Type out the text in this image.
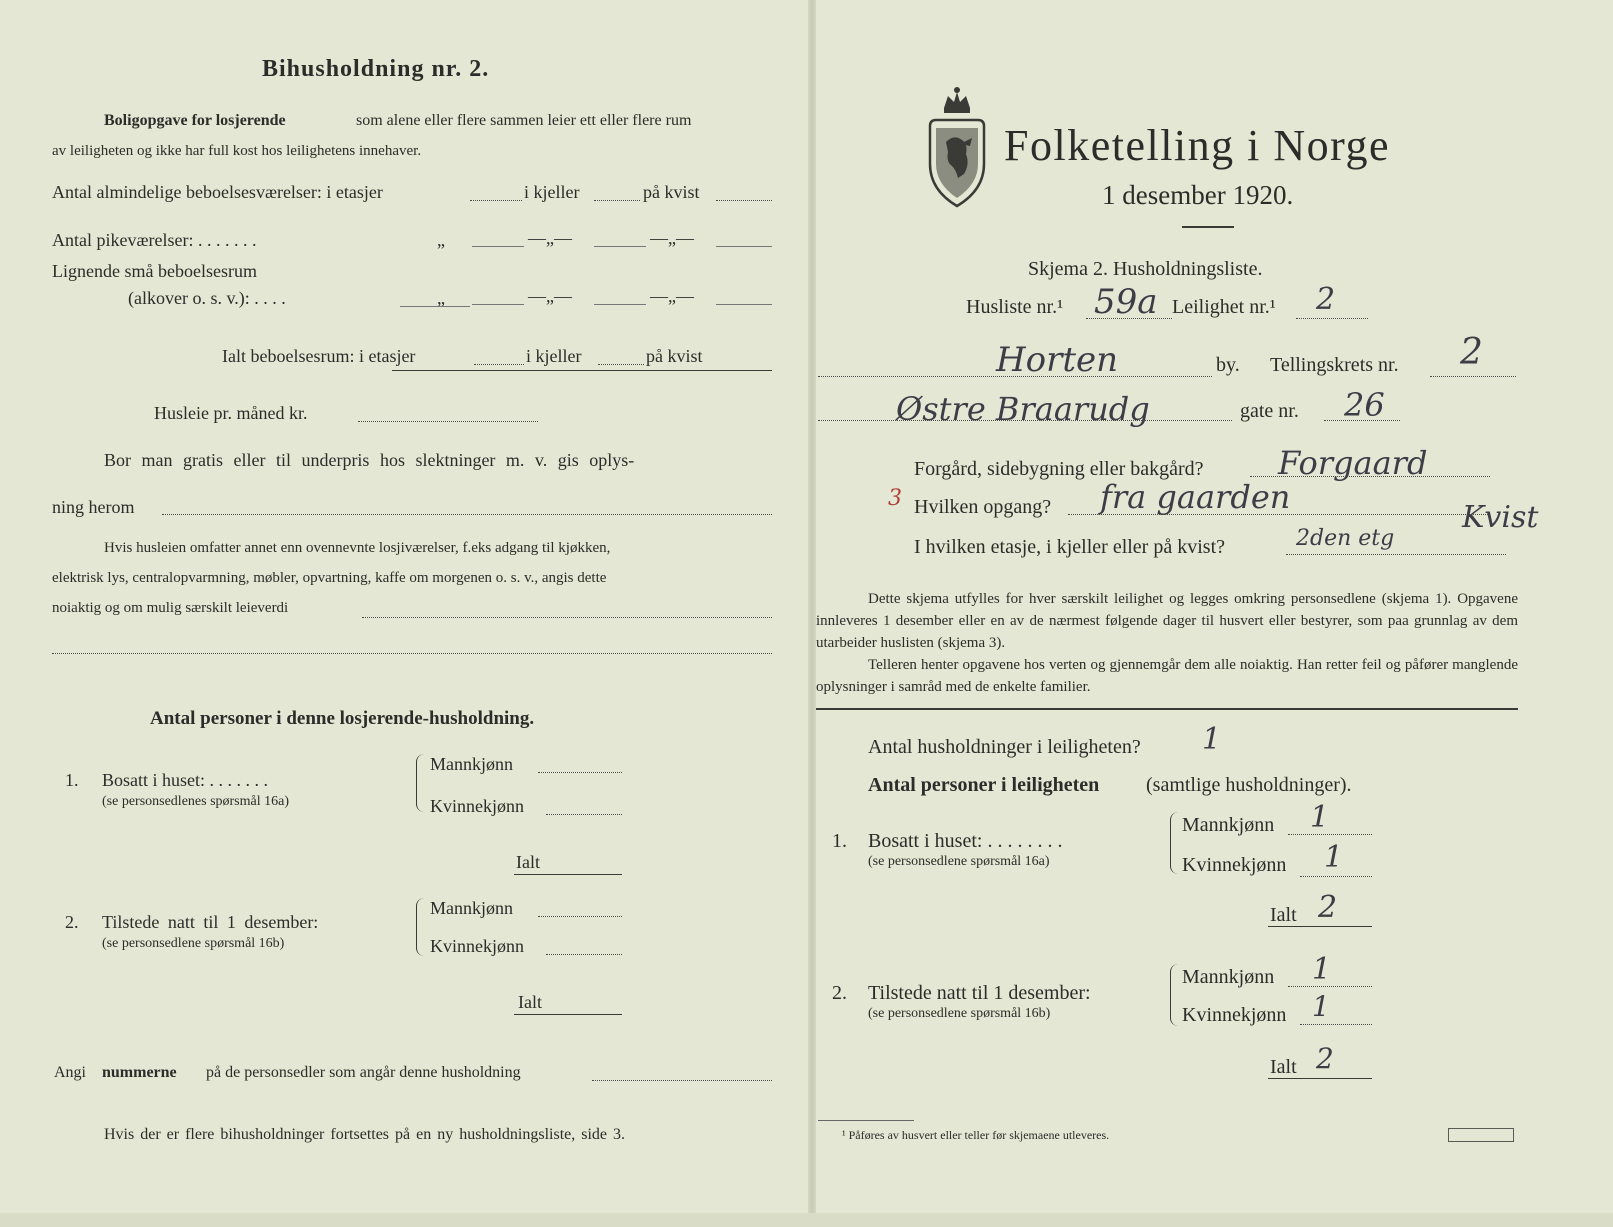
Bihusholdning nr. 2.
Boligopgave for losjerende	som alene eller flere sammen leier ett eller flere rum
av leiligheten og ikke har full kost hos leilighetens innehaver.
Antal almindelige beboelsesværelser: i etasjer	i kjeller	på kvist
Antal pikeværelser: . . . . . . .	„	—„—	—„—
Lignende små beboelsesrum
(alkover o. s. v.): . . . .	„	—„—	—„—
Ialt beboelsesrum: i etasjer	i kjeller	på kvist
Husleie pr. måned kr.
Bor man gratis eller til underpris hos slektninger m. v. gis oplys-
ning herom
Hvis husleien omfatter annet enn ovennevnte losjiværelser, f.eks adgang til kjøkken,
elektrisk lys, centralopvarmning, møbler, opvartning, kaffe om morgenen o. s. v., angis dette
noiaktig og om mulig særskilt leieverdi
Antal personer i denne losjerende-husholdning.
1. Bosatt i huset: . . . . . . .
(se personsedlenes spørsmål 16a)
Mannkjønn
Kvinnekjønn
Ialt
2. Tilstede natt til 1 desember:
(se personsedlene spørsmål 16b)
Mannkjønn
Kvinnekjønn
Ialt
Angi nummerne på de personsedler som angår denne husholdning
Hvis der er flere bihusholdninger fortsettes på en ny husholdningsliste, side 3.
Folketelling i Norge
1 desember 1920.
Skjema 2. Husholdningsliste.
Husliste nr.¹ 59a Leilighet nr.¹ 2
Horten	by. Tellingskrets nr. 2
Østre Braarudg	gate nr. 26
Forgård, sidebygning eller bakgård? Forgaard
3 Hvilken opgang? fra gaarden
I hvilken etasje, i kjeller eller på kvist?	2den etg
Kvist
Dette skjema utfylles for hver særskilt leilighet og legges omkring personsedlene (skjema 1). Opgavene innleveres 1 desember eller en av de nærmest følgende dager til husvert eller bestyrer, som paa grunnlag av dem utarbeider huslisten (skjema 3).
Telleren henter opgavene hos verten og gjennemgår dem alle noiaktig. Han retter feil og påfører manglende oplysninger i samråd med de enkelte familier.
Antal husholdninger i leiligheten? 1
Antal personer i leiligheten (samtlige husholdninger).
1. Bosatt i huset: . . . . . . . .
(se personsedlene spørsmål 16a)
Mannkjønn 1
Kvinnekjønn 1
Ialt 2
2. Tilstede natt til 1 desember:
(se personsedlene spørsmål 16b)
Mannkjønn 1
Kvinnekjønn 1
Ialt 2
¹ Påføres av husvert eller teller før skjemaene utleveres.
